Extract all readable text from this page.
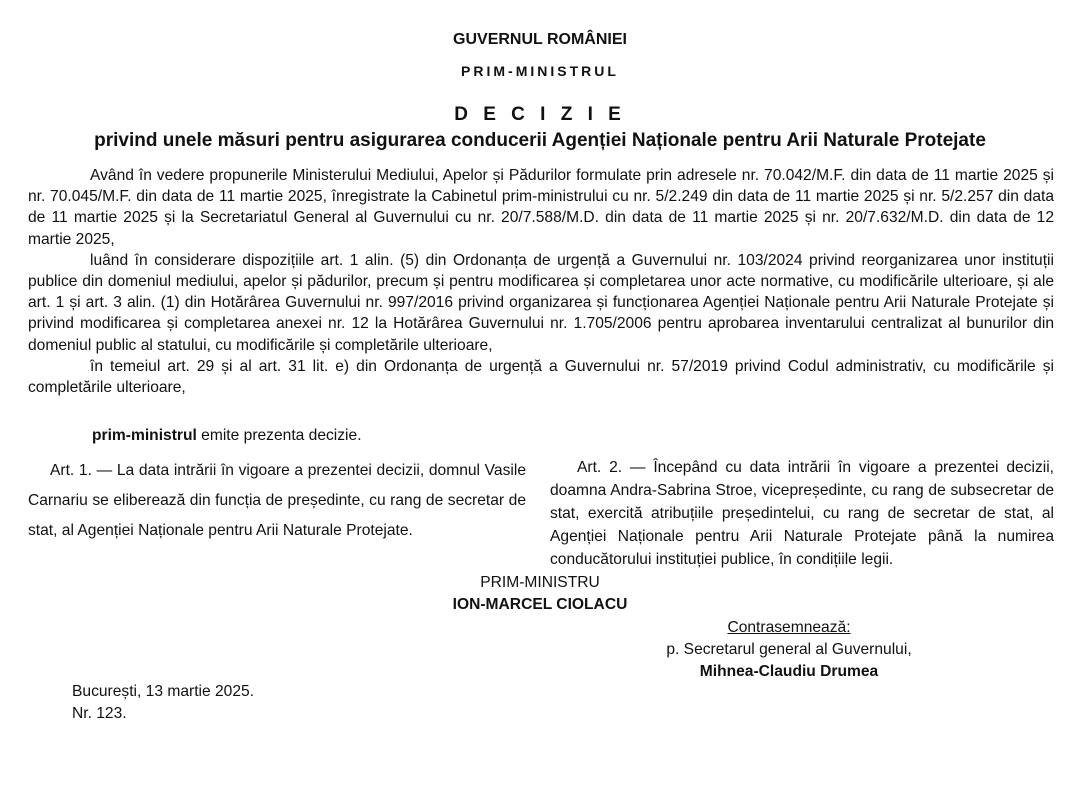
GUVERNUL ROMÂNIEI
PRIM-MINISTRUL
D E C I Z I E
privind unele măsuri pentru asigurarea conducerii Agenției Naționale pentru Arii Naturale Protejate

Având în vedere propunerile Ministerului Mediului, Apelor și Pădurilor formulate prin adresele nr. 70.042/M.F. din data de 11 martie 2025 și nr. 70.045/M.F. din data de 11 martie 2025, înregistrate la Cabinetul prim-ministrului cu nr. 5/2.249 din data de 11 martie 2025 și nr. 5/2.257 din data de 11 martie 2025 și la Secretariatul General al Guvernului cu nr. 20/7.588/M.D. din data de 11 martie 2025 și nr. 20/7.632/M.D. din data de 12 martie 2025,

luând în considerare dispozițiile art. 1 alin. (5) din Ordonanța de urgență a Guvernului nr. 103/2024 privind reorganizarea unor instituții publice din domeniul mediului, apelor și pădurilor, precum și pentru modificarea și completarea unor acte normative, cu modificările ulterioare, și ale art. 1 și art. 3 alin. (1) din Hotărârea Guvernului nr. 997/2016 privind organizarea și funcționarea Agenției Naționale pentru Arii Naturale Protejate și privind modificarea și completarea anexei nr. 12 la Hotărârea Guvernului nr. 1.705/2006 pentru aprobarea inventarului centralizat al bunurilor din domeniul public al statului, cu modificările și completările ulterioare,

în temeiul art. 29 și al art. 31 lit. e) din Ordonanța de urgență a Guvernului nr. 57/2019 privind Codul administrativ, cu modificările și completările ulterioare,

prim-ministrul emite prezenta decizie.

Art. 1. — La data intrării în vigoare a prezentei decizii, domnul Vasile Carnariu se eliberează din funcția de președinte, cu rang de secretar de stat, al Agenției Naționale pentru Arii Naturale Protejate.

Art. 2. — Începând cu data intrării în vigoare a prezentei decizii, doamna Andra-Sabrina Stroe, vicepreședinte, cu rang de subsecretar de stat, exercită atribuțiile președintelui, cu rang de secretar de stat, al Agenției Naționale pentru Arii Naturale Protejate până la numirea conducătorului instituției publice, în condițiile legii.

PRIM-MINISTRU
ION-MARCEL CIOLACU
Contrasemnează:
p. Secretarul general al Guvernului,
Mihnea-Claudiu Drumea
București, 13 martie 2025.
Nr. 123.
